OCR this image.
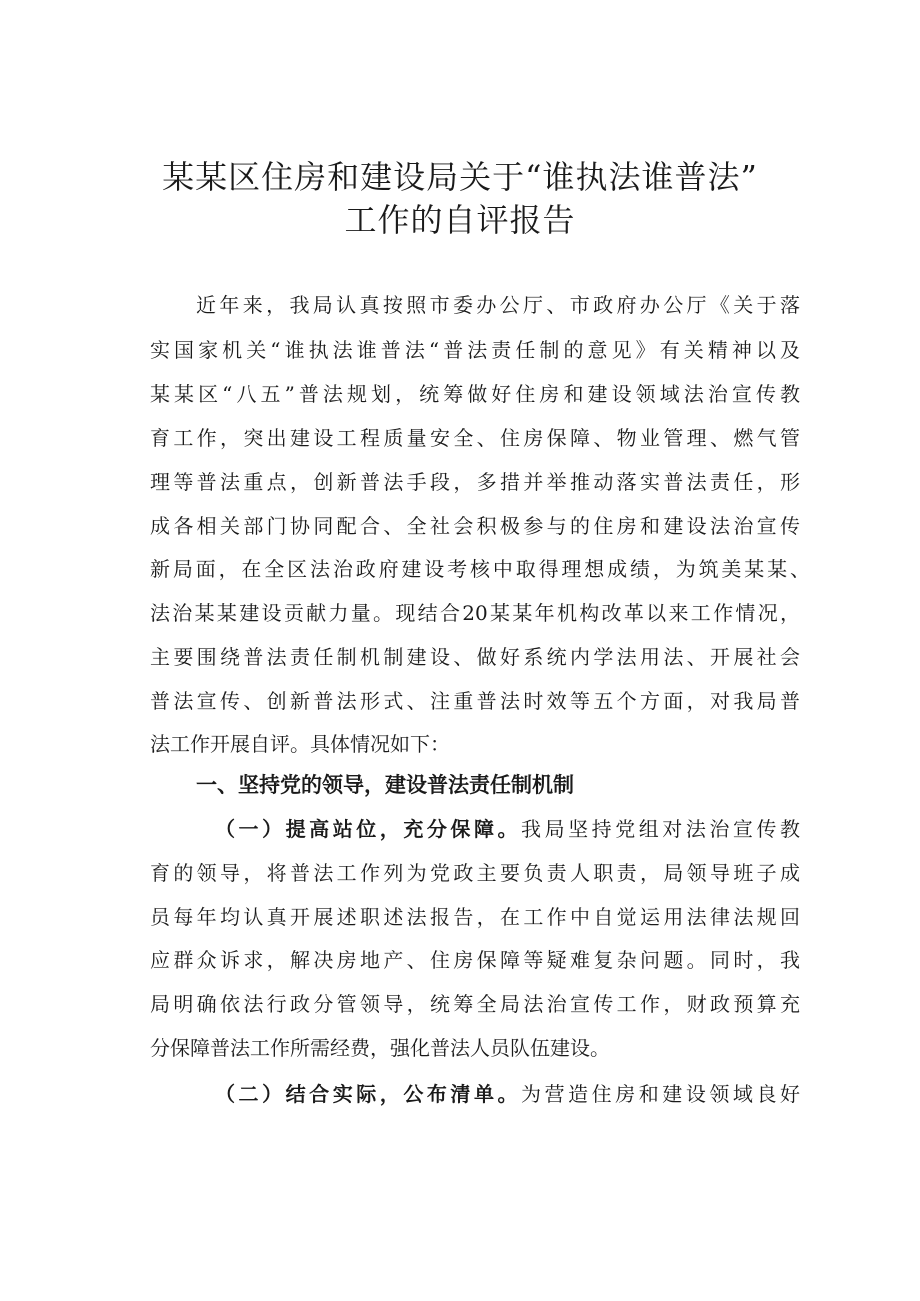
某某区住房和建设局关于“谁执法谁普法”
工作的自评报告
近年来，我局认真按照市委办公厅、市政府办公厅《关于落
实国家机关“谁执法谁普法“普法责任制的意见》有关精神以及
某某区“八五”普法规划，统筹做好住房和建设领域法治宣传教
育工作，突出建设工程质量安全、住房保障、物业管理、燃气管
理等普法重点，创新普法手段，多措并举推动落实普法责任，形
成各相关部门协同配合、全社会积极参与的住房和建设法治宣传
新局面，在全区法治政府建设考核中取得理想成绩，为筑美某某、
法治某某建设贡献力量。现结合20某某年机构改革以来工作情况，
主要围绕普法责任制机制建设、做好系统内学法用法、开展社会
普法宣传、创新普法形式、注重普法时效等五个方面，对我局普
法工作开展自评。具体情况如下：
一、坚持党的领导，建设普法责任制机制
（一）提高站位，充分保障。我局坚持党组对法治宣传教
育的领导，将普法工作列为党政主要负责人职责，局领导班子成
员每年均认真开展述职述法报告，在工作中自觉运用法律法规回
应群众诉求，解决房地产、住房保障等疑难复杂问题。同时，我
局明确依法行政分管领导，统筹全局法治宣传工作，财政预算充
分保障普法工作所需经费，强化普法人员队伍建设。
（二）结合实际，公布清单。为营造住房和建设领域良好
